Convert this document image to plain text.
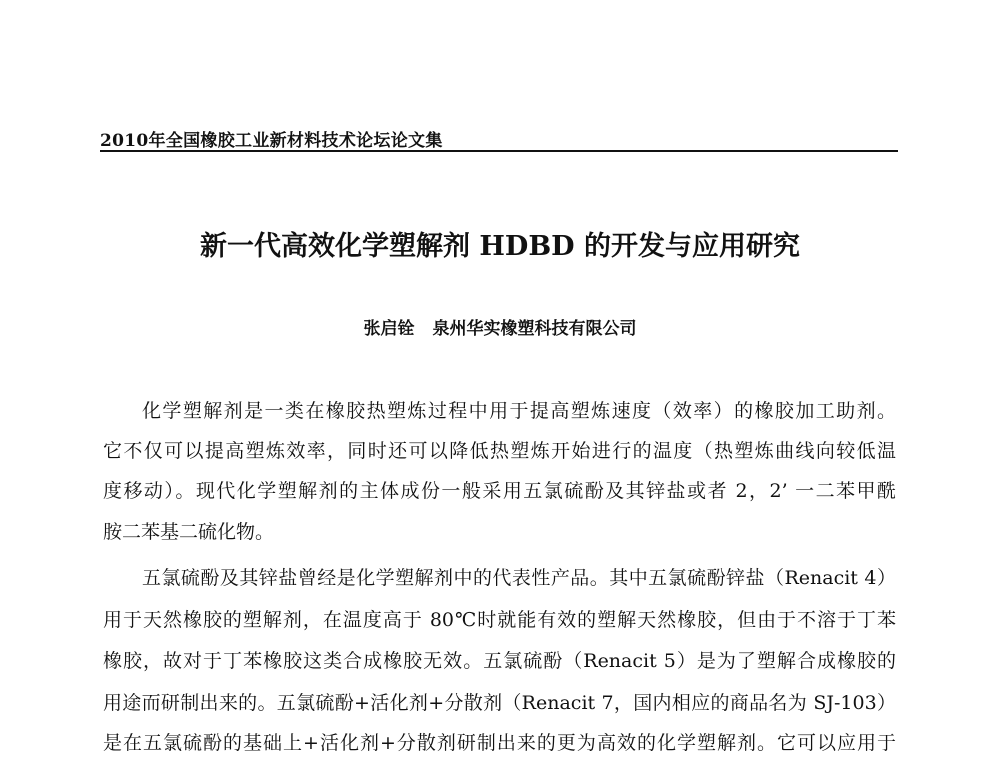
2010年全国橡胶工业新材料技术论坛论文集
新一代高效化学塑解剂 HDBD 的开发与应用研究
张启铨 泉州华实橡塑科技有限公司
化学塑解剂是一类在橡胶热塑炼过程中用于提高塑炼速度（效率）的橡胶加工助剂。
它不仅可以提高塑炼效率，同时还可以降低热塑炼开始进行的温度（热塑炼曲线向较低温
度移动）。现代化学塑解剂的主体成份一般采用五氯硫酚及其锌盐或者 2，2’ 一二苯甲酰
胺二苯基二硫化物。
五氯硫酚及其锌盐曾经是化学塑解剂中的代表性产品。其中五氯硫酚锌盐（Renacit 4）
用于天然橡胶的塑解剂，在温度高于 80℃时就能有效的塑解天然橡胶，但由于不溶于丁苯
橡胶，故对于丁苯橡胶这类合成橡胶无效。五氯硫酚（Renacit 5）是为了塑解合成橡胶的
用途而研制出来的。五氯硫酚+活化剂+分散剂（Renacit 7，国内相应的商品名为 SJ-103）
是在五氯硫酚的基础上+活化剂+分散剂研制出来的更为高效的化学塑解剂。它可以应用于
